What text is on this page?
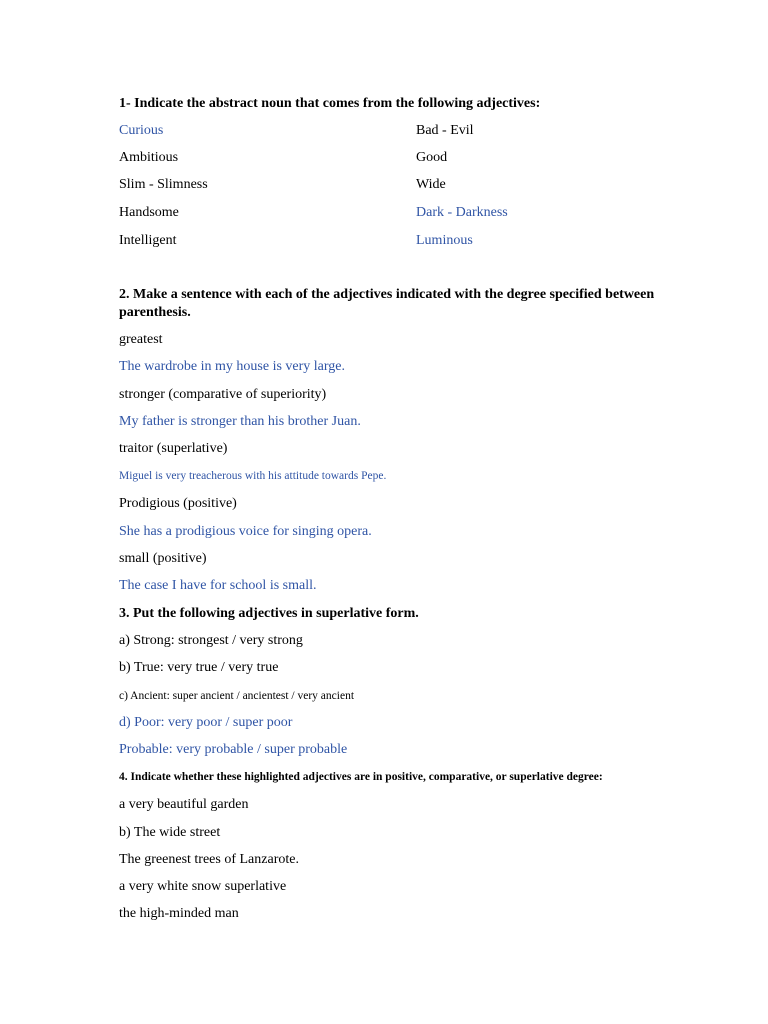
1- Indicate the abstract noun that comes from the following adjectives:
Curious
Ambitious
Slim - Slimness
Handsome
Intelligent
Bad - Evil
Good
Wide
Dark - Darkness
Luminous
2. Make a sentence with each of the adjectives indicated with the degree specified between parenthesis.
greatest
The wardrobe in my house is very large.
stronger (comparative of superiority)
My father is stronger than his brother Juan.
traitor (superlative)
Miguel is very treacherous with his attitude towards Pepe.
Prodigious (positive)
She has a prodigious voice for singing opera.
small (positive)
The case I have for school is small.
3. Put the following adjectives in superlative form.
a) Strong: strongest / very strong
b) True: very true / very true
c) Ancient: super ancient / ancientest / very ancient
d) Poor: very poor / super poor
Probable: very probable / super probable
4. Indicate whether these highlighted adjectives are in positive, comparative, or superlative degree:
a very beautiful garden
b) The wide street
The greenest trees of Lanzarote.
a very white snow superlative
the high-minded man
